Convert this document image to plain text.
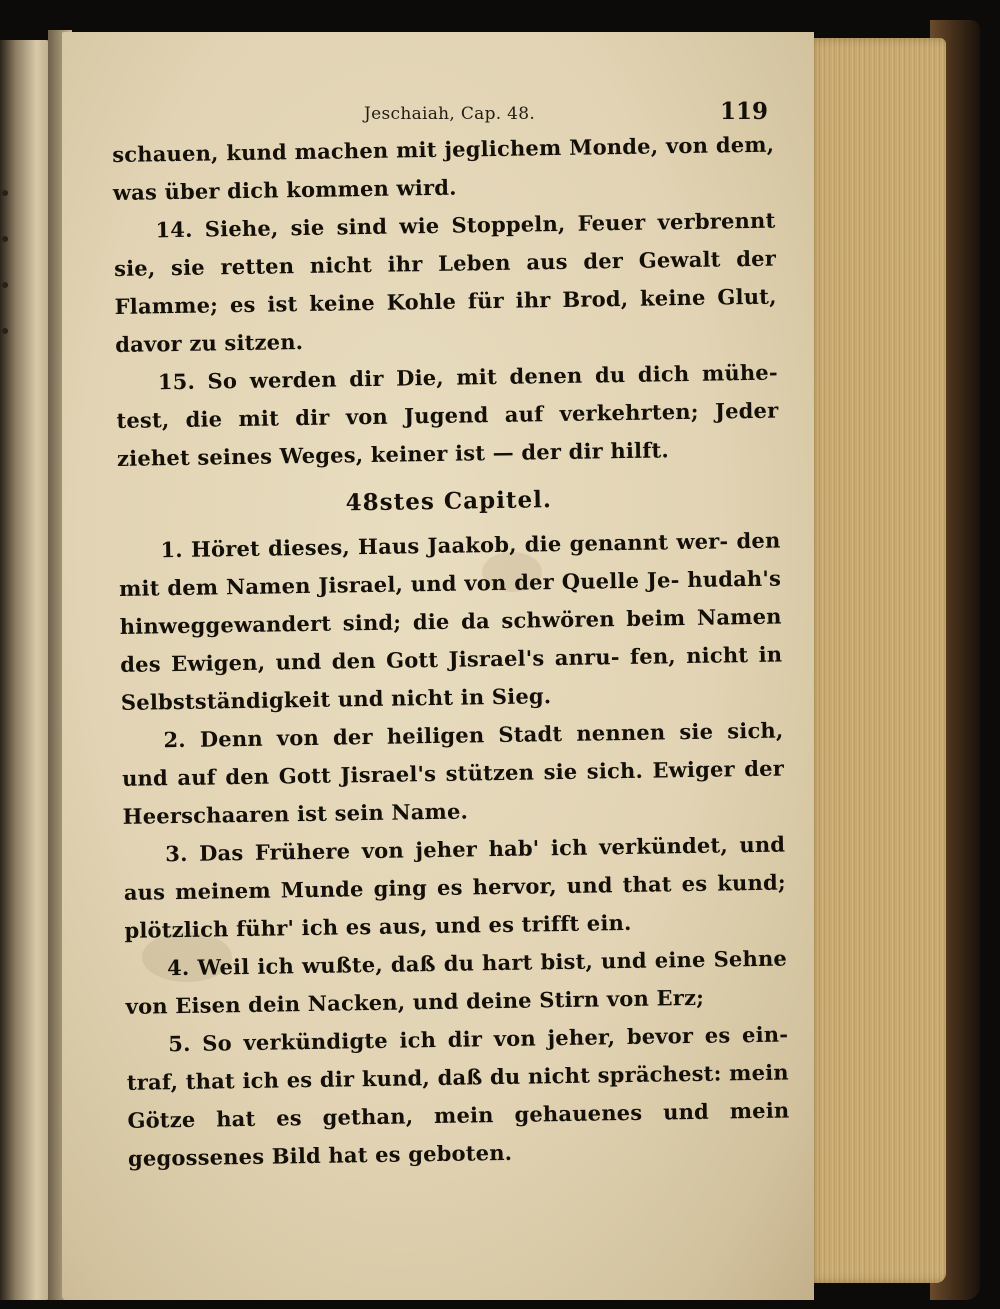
Jeschaiah, Cap. 48.	119

schauen, kund machen mit jeglichem Monde, von dem, was über dich kommen wird.

14. Siehe, sie sind wie Stoppeln, Feuer verbrennt sie, sie retten nicht ihr Leben aus der Gewalt der Flamme; es ist keine Kohle für ihr Brod, keine Glut, davor zu sitzen.

15. So werden dir Die, mit denen du dich mühe- test, die mit dir von Jugend auf verkehrten; Jeder ziehet seines Weges, keiner ist — der dir hilft.

48stes Capitel.

1. Höret dieses, Haus Jaakob, die genannt wer- den mit dem Namen Jisrael, und von der Quelle Je- hudah's hinweggewandert sind; die da schwören beim Namen des Ewigen, und den Gott Jisrael's anru- fen, nicht in Selbstständigkeit und nicht in Sieg.

2. Denn von der heiligen Stadt nennen sie sich, und auf den Gott Jisrael's stützen sie sich. Ewiger der Heerschaaren ist sein Name.

3. Das Frühere von jeher hab' ich verkündet, und aus meinem Munde ging es hervor, und that es kund; plötzlich führ' ich es aus, und es trifft ein.

4. Weil ich wußte, daß du hart bist, und eine Sehne von Eisen dein Nacken, und deine Stirn von Erz;

5. So verkündigte ich dir von jeher, bevor es ein- traf, that ich es dir kund, daß du nicht sprächest: mein Götze hat es gethan, mein gehauenes und mein gegossenes Bild hat es geboten.
